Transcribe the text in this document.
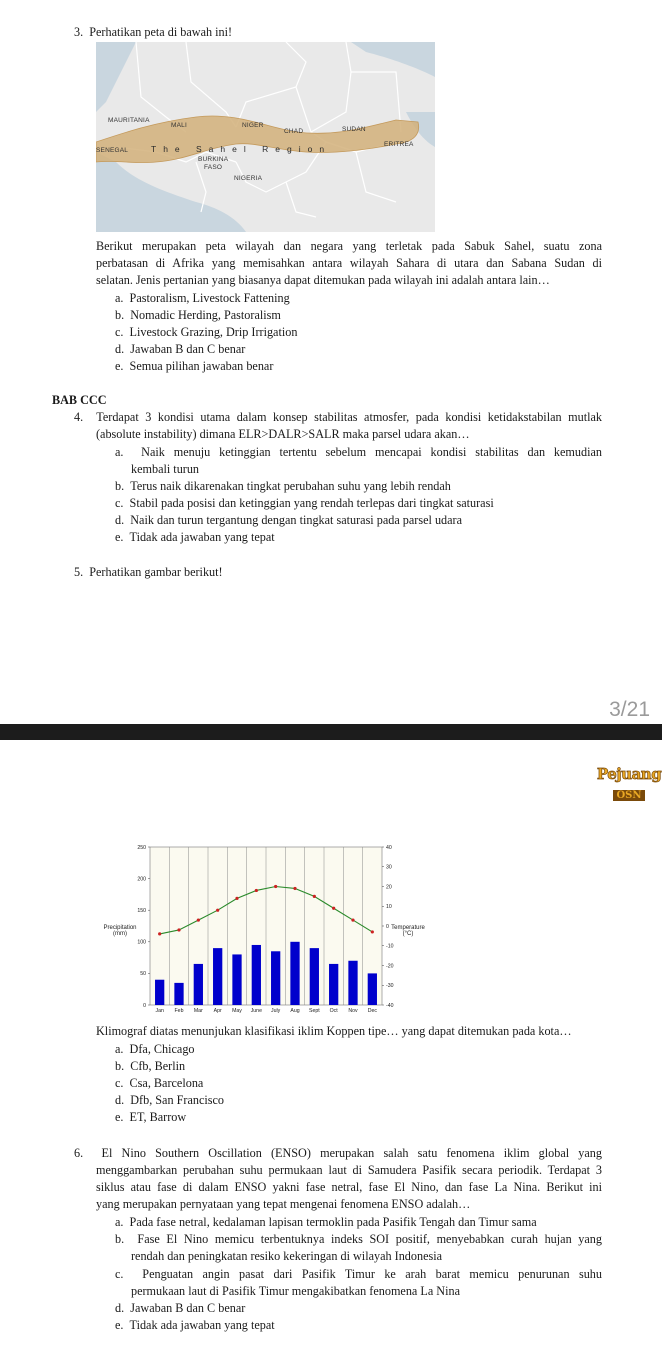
3.  Perhatikan peta di bawah ini!
MAURITANIA
MALI	NIGER
CHAD	SUDAN
SENEGAL
BURKINA
FASO
ERITREA
NIGERIA
The Sahel Region
Berikut merupakan peta wilayah dan negara yang terletak pada Sabuk Sahel, suatu zona
perbatasan di Afrika yang memisahkan antara wilayah Sahara di utara dan Sabana Sudan di
selatan. Jenis pertanian yang biasanya dapat ditemukan pada wilayah ini adalah antara lain…
a.  Pastoralism, Livestock Fattening
b.  Nomadic Herding, Pastoralism
c.  Livestock Grazing, Drip Irrigation
d.  Jawaban B dan C benar
e.  Semua pilihan jawaban benar
BAB CCC
4.  Terdapat 3 kondisi utama dalam konsep stabilitas atmosfer, pada kondisi ketidakstabilan mutlak
(absolute instability) dimana ELR>DALR>SALR maka parsel udara akan…
a.  Naik menuju ketinggian tertentu sebelum mencapai kondisi stabilitas dan kemudian
kembali turun
b.  Terus naik dikarenakan tingkat perubahan suhu yang lebih rendah
c.  Stabil pada posisi dan ketinggian yang rendah terlepas dari tingkat saturasi
d.  Naik dan turun tergantung dengan tingkat saturasi pada parsel udara
e.  Tidak ada jawaban yang tepat
5.  Perhatikan gambar berikut!
3/21
Pejuang
OSN
0
50
100
150
200
250
-40
-30
-20
-10
0
10
20
30
40
Jan Feb Mar Apr May June July Aug Sept Oct Nov Dec
Precipitation
(mm)
Temperature
(°C)
Klimograf diatas menunjukan klasifikasi iklim Koppen tipe… yang dapat ditemukan pada kota…
a.  Dfa, Chicago
b.  Cfb, Berlin
c.  Csa, Barcelona
d.  Dfb, San Francisco
e.  ET, Barrow
6.  El Nino Southern Oscillation (ENSO) merupakan salah satu fenomena iklim global yang
menggambarkan perubahan suhu permukaan laut di Samudera Pasifik secara periodik. Terdapat 3
siklus atau fase di dalam ENSO yakni fase netral, fase El Nino, dan fase La Nina. Berikut ini
yang merupakan pernyataan yang tepat mengenai fenomena ENSO adalah…
a.  Pada fase netral, kedalaman lapisan termoklin pada Pasifik Tengah dan Timur sama
b.  Fase El Nino memicu terbentuknya indeks SOI positif, menyebabkan curah hujan yang
rendah dan peningkatan resiko kekeringan di wilayah Indonesia
c.  Penguatan angin pasat dari Pasifik Timur ke arah barat memicu penurunan suhu
permukaan laut di Pasifik Timur mengakibatkan fenomena La Nina
d.  Jawaban B dan C benar
e.  Tidak ada jawaban yang tepat
